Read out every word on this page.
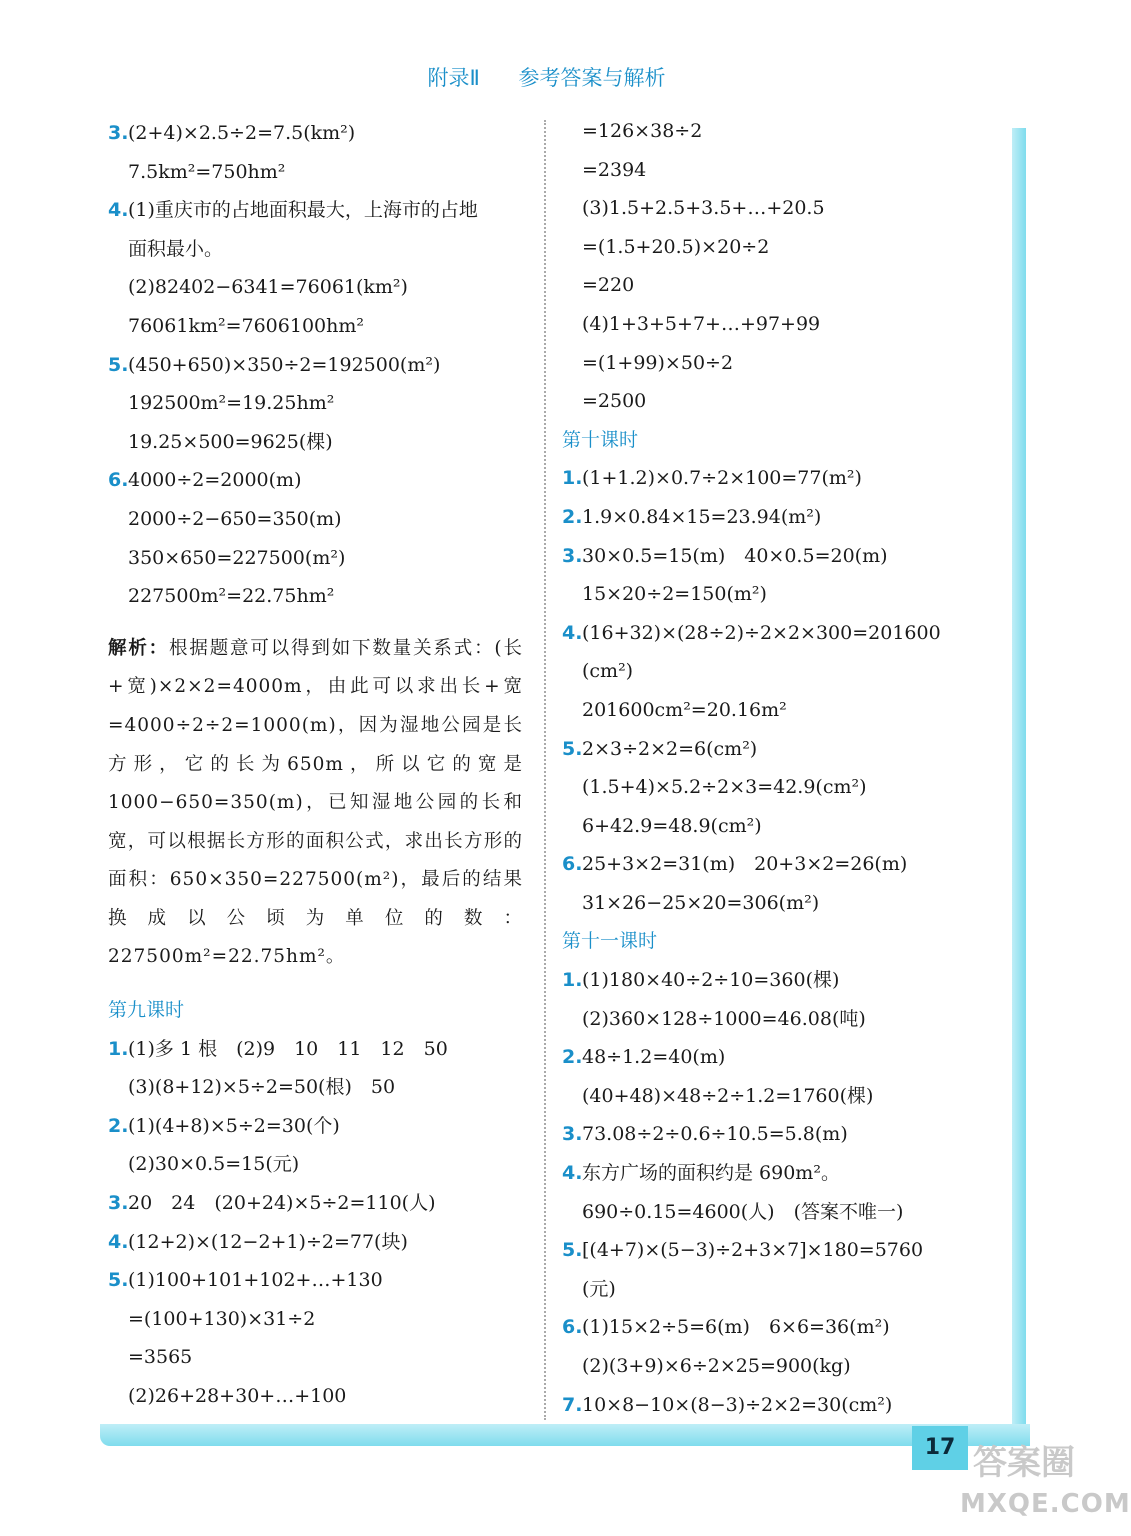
附录Ⅱ 参考答案与解析
3. (2+4)×2.5÷2=7.5(km²)
7.5km²=750hm²
4. (1)重庆市的占地面积最大，上海市的占地
面积最小。
(2)82402−6341=76061(km²)
76061km²=7606100hm²
5. (450+650)×350÷2=192500(m²)
192500m²=19.25hm²
19.25×500=9625(棵)
6. 4000÷2=2000(m)
2000÷2−650=350(m)
350×650=227500(m²)
227500m²=22.75hm²
解析：根据题意可以得到如下数量关系式：(长+宽)×2×2=4000m，由此可以求出长+宽=4000÷2÷2=1000(m)，因为湿地公园是长方形，它的长为650m，所以它的宽是1000−650=350(m)，已知湿地公园的长和宽，可以根据长方形的面积公式，求出长方形的面积：650×350=227500(m²)，最后的结果换成以公顷为单位的数：227500m²=22.75hm²。
第九课时
1. (1)多 1 根　(2)9　10　11　12　50
(3)(8+12)×5÷2=50(根)　50
2. (1)(4+8)×5÷2=30(个)
(2)30×0.5=15(元)
3. 20　24　(20+24)×5÷2=110(人)
4. (12+2)×(12−2+1)÷2=77(块)
5. (1)100+101+102+…+130
=(100+130)×31÷2
=3565
(2)26+28+30+…+100
=126×38÷2
=2394
(3)1.5+2.5+3.5+…+20.5
=(1.5+20.5)×20÷2
=220
(4)1+3+5+7+…+97+99
=(1+99)×50÷2
=2500
第十课时
1. (1+1.2)×0.7÷2×100=77(m²)
2. 1.9×0.84×15=23.94(m²)
3. 30×0.5=15(m)　40×0.5=20(m)
15×20÷2=150(m²)
4. (16+32)×(28÷2)÷2×2×300=201600
(cm²)
201600cm²=20.16m²
5. 2×3÷2×2=6(cm²)
(1.5+4)×5.2÷2×3=42.9(cm²)
6+42.9=48.9(cm²)
6. 25+3×2=31(m)　20+3×2=26(m)
31×26−25×20=306(m²)
第十一课时
1. (1)180×40÷2÷10=360(棵)
(2)360×128÷1000=46.08(吨)
2. 48÷1.2=40(m)
(40+48)×48÷2÷1.2=1760(棵)
3. 73.08÷2÷0.6÷10.5=5.8(m)
4. 东方广场的面积约是 690m²。
690÷0.15=4600(人)　(答案不唯一)
5. [(4+7)×(5−3)÷2+3×7]×180=5760
(元)
6. (1)15×2÷5=6(m)　6×6=36(m²)
(2)(3+9)×6÷2×25=900(kg)
7. 10×8−10×(8−3)÷2×2=30(cm²)
17 答案圈
MXQE.COM
